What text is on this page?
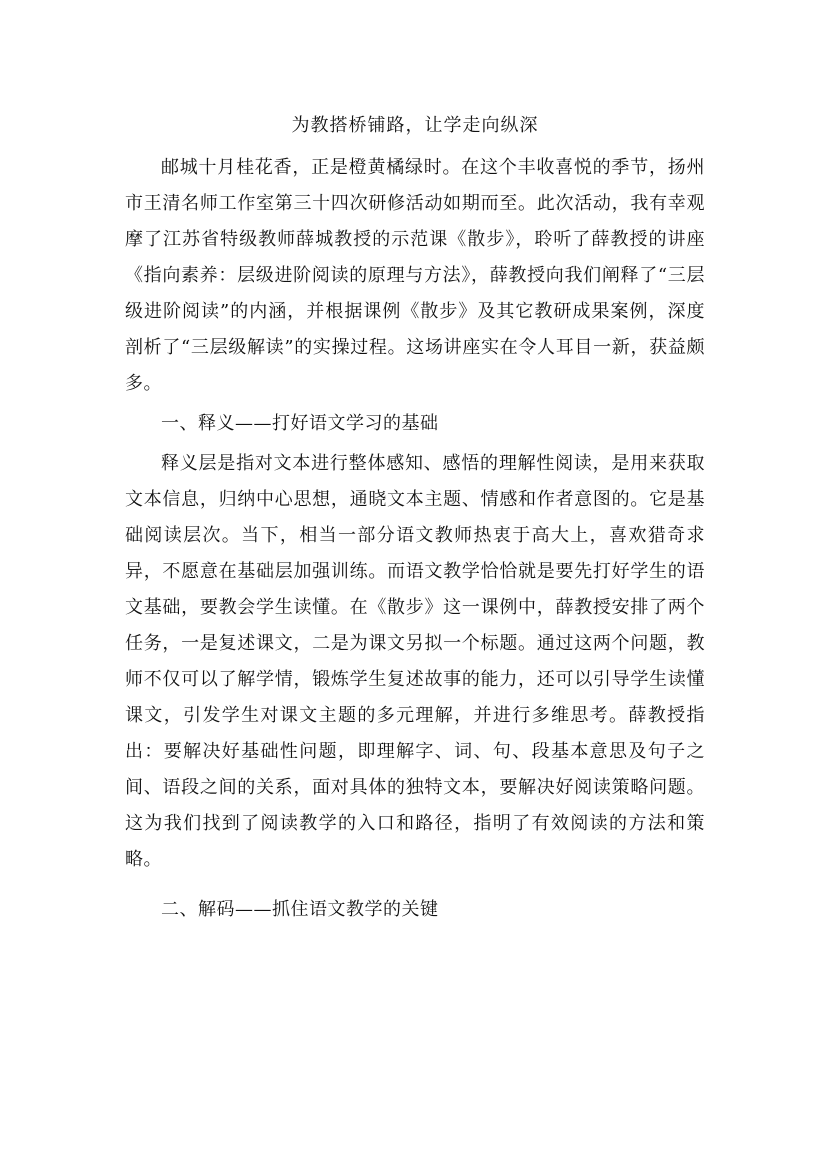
为教搭桥铺路，让学走向纵深

邮城十月桂花香，正是橙黄橘绿时。在这个丰收喜悦的季节，扬州市王清名师工作室第三十四次研修活动如期而至。此次活动，我有幸观摩了江苏省特级教师薛城教授的示范课《散步》，聆听了薛教授的讲座《指向素养：层级进阶阅读的原理与方法》，薛教授向我们阐释了“三层级进阶阅读”的内涵，并根据课例《散步》及其它教研成果案例，深度剖析了“三层级解读”的实操过程。这场讲座实在令人耳目一新，获益颇多。

一、释义——打好语文学习的基础

释义层是指对文本进行整体感知、感悟的理解性阅读，是用来获取文本信息，归纳中心思想，通晓文本主题、情感和作者意图的。它是基础阅读层次。当下，相当一部分语文教师热衷于高大上，喜欢猎奇求异，不愿意在基础层加强训练。而语文教学恰恰就是要先打好学生的语文基础，要教会学生读懂。在《散步》这一课例中，薛教授安排了两个任务，一是复述课文，二是为课文另拟一个标题。通过这两个问题，教师不仅可以了解学情，锻炼学生复述故事的能力，还可以引导学生读懂课文，引发学生对课文主题的多元理解，并进行多维思考。薛教授指出：要解决好基础性问题，即理解字、词、句、段基本意思及句子之间、语段之间的关系，面对具体的独特文本，要解决好阅读策略问题。这为我们找到了阅读教学的入口和路径，指明了有效阅读的方法和策略。

二、解码——抓住语文教学的关键
